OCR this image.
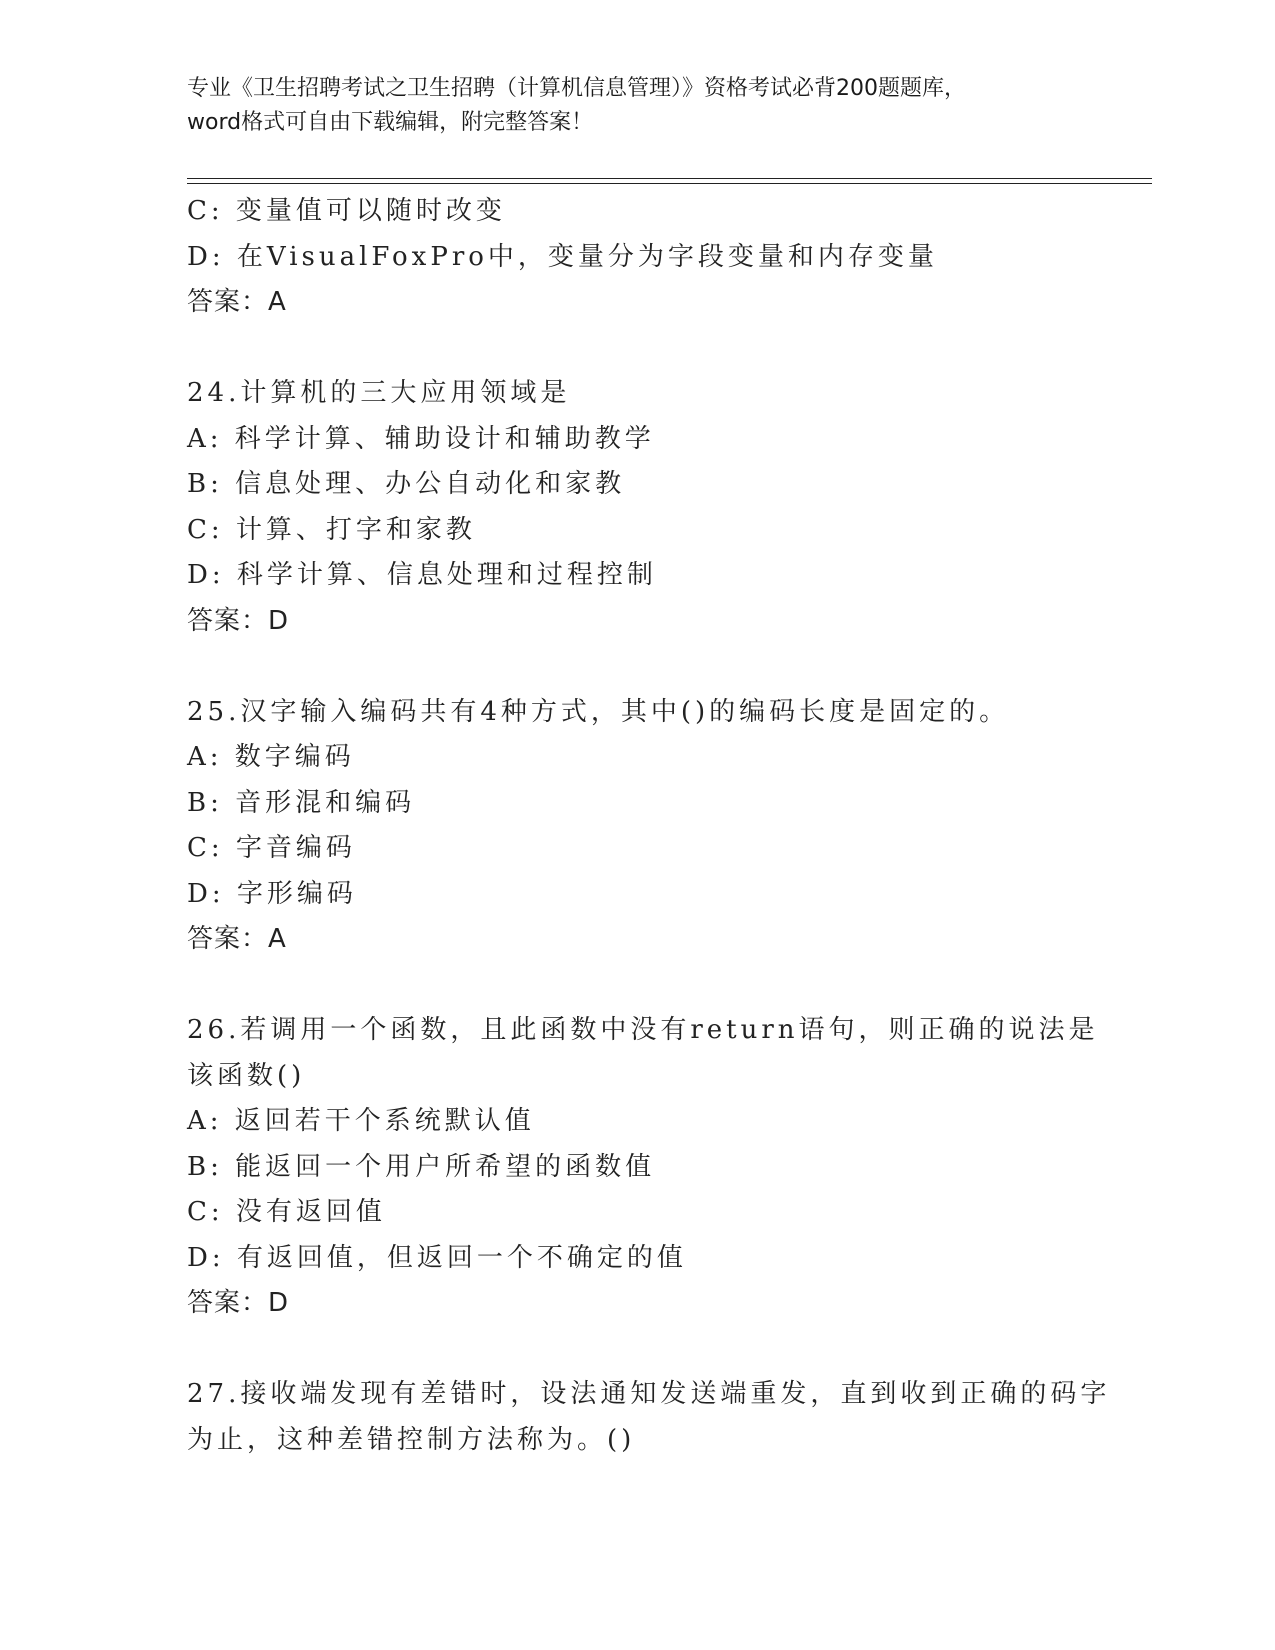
专业《卫生招聘考试之卫生招聘（计算机信息管理）》资格考试必背200题题库，
word格式可自由下载编辑，附完整答案！
C: 变量值可以随时改变
D: 在VisualFoxPro中，变量分为字段变量和内存变量
答案：A
24.计算机的三大应用领域是
A: 科学计算、辅助设计和辅助教学
B: 信息处理、办公自动化和家教
C: 计算、打字和家教
D: 科学计算、信息处理和过程控制
答案：D
25.汉字输入编码共有4种方式，其中()的编码长度是固定的。
A: 数字编码
B: 音形混和编码
C: 字音编码
D: 字形编码
答案：A
26.若调用一个函数，且此函数中没有return语句，则正确的说法是
该函数()
A: 返回若干个系统默认值
B: 能返回一个用户所希望的函数值
C: 没有返回值
D: 有返回值，但返回一个不确定的值
答案：D
27.接收端发现有差错时，设法通知发送端重发，直到收到正确的码字
为止，这种差错控制方法称为。()
